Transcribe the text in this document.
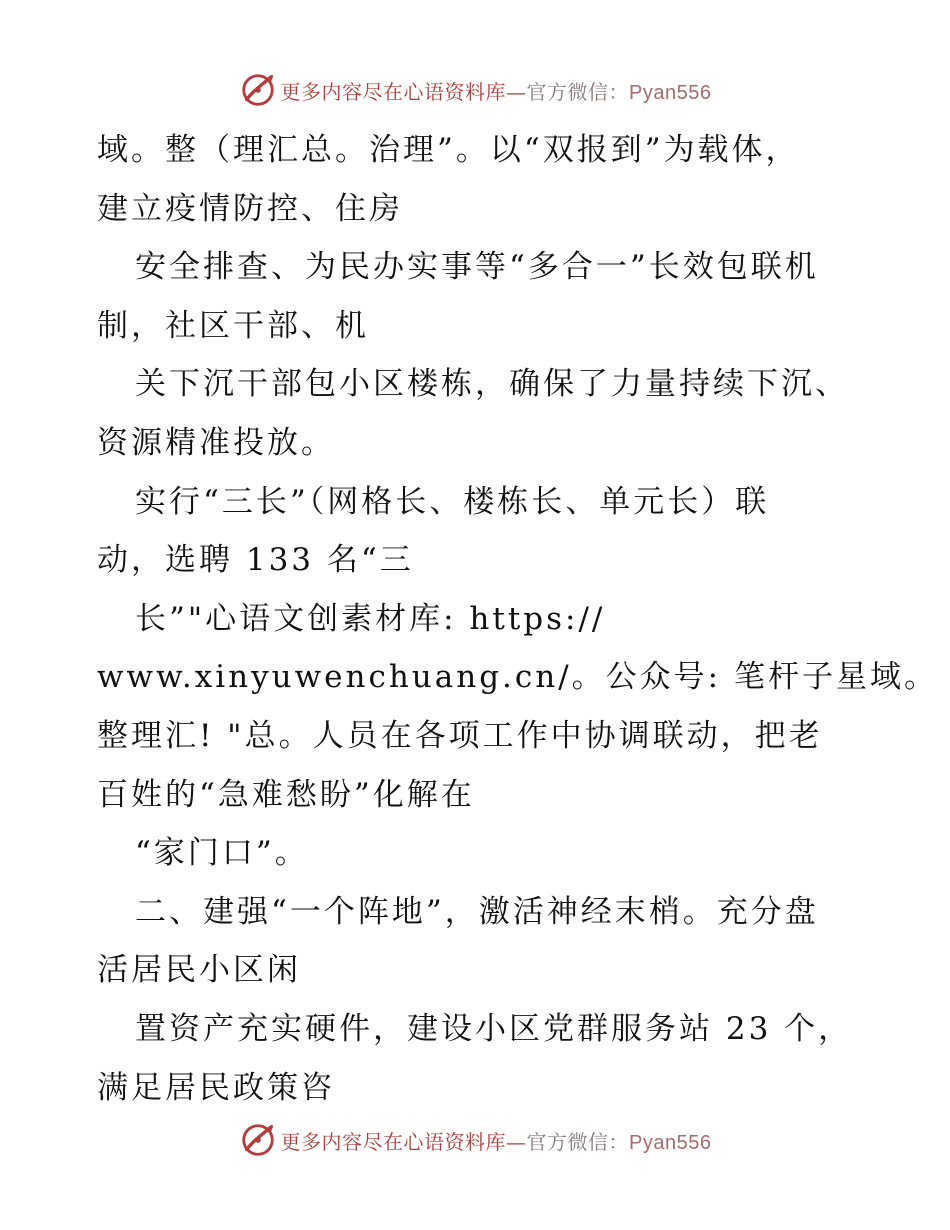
更多内容尽在心语资料库—官方微信：Pyan556
域。整（理汇总。治理”。以“双报到”为载体，
建立疫情防控、住房
安全排查、为民办实事等“多合一”长效包联机
制，社区干部、机
关下沉干部包小区楼栋，确保了力量持续下沉、
资源精准投放。
实行“三长”（网格长、楼栋长、单元长）联
动，选聘 133 名“三
长”"心语文创素材库: https://
www.xinyuwenchuang.cn/。公众号: 笔杆子星域。
整理汇! "总。人员在各项工作中协调联动，把老
百姓的“急难愁盼”化解在
“家门口”。
二、建强“一个阵地”，激活神经末梢。充分盘
活居民小区闲
置资产充实硬件，建设小区党群服务站 23 个，
满足居民政策咨
更多内容尽在心语资料库—官方微信：Pyan556
